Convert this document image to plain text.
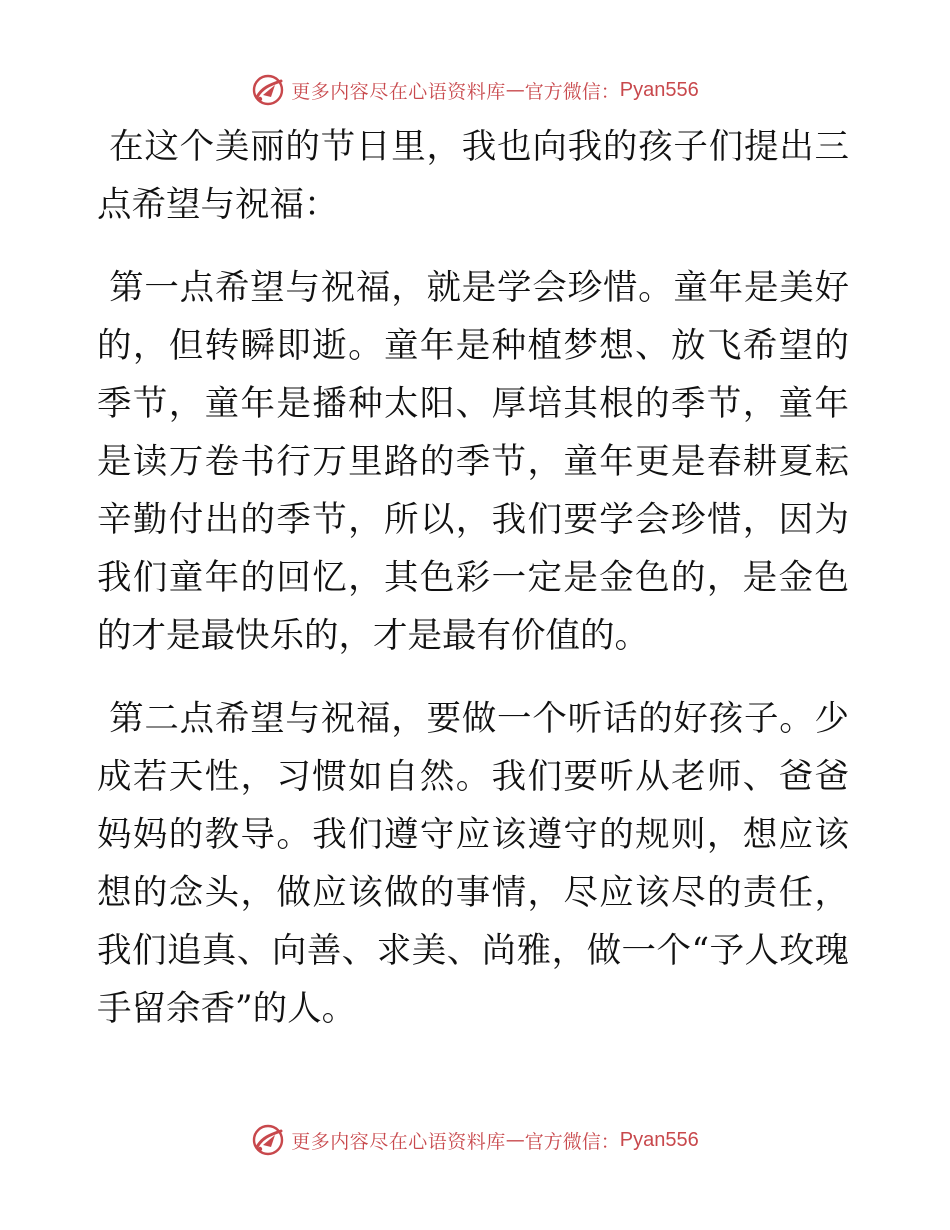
更多内容尽在心语资料库 — 官方微信： Pyan556

在这个美丽的节日里，我也向我的孩子们提出三点希望与祝福：

第一点希望与祝福，就是学会珍惜。童年是美好的，但转瞬即逝。童年是种植梦想、放飞希望的季节，童年是播种太阳、厚培其根的季节，童年是读万卷书行万里路的季节，童年更是春耕夏耘辛勤付出的季节，所以，我们要学会珍惜，因为我们童年的回忆，其色彩一定是金色的，是金色的才是最快乐的，才是最有价值的。

第二点希望与祝福，要做一个听话的好孩子。少成若天性，习惯如自然。我们要听从老师、爸爸妈妈的教导。我们遵守应该遵守的规则，想应该想的念头，做应该做的事情，尽应该尽的责任，我们追真、向善、求美、尚雅，做一个“予人玫瑰手留余香”的人。

更多内容尽在心语资料库 — 官方微信： Pyan556
